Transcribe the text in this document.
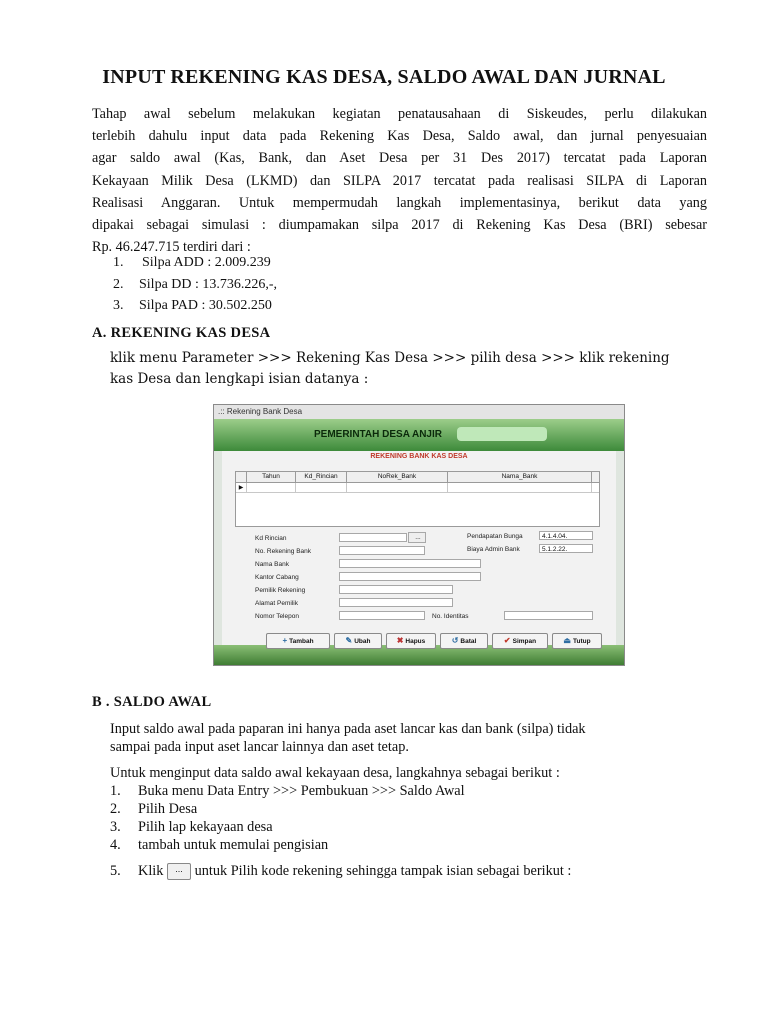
INPUT REKENING KAS DESA, SALDO AWAL DAN JURNAL
Tahap awal sebelum melakukan kegiatan penatausahaan di Siskeudes, perlu dilakukan
terlebih dahulu input data pada Rekening Kas Desa, Saldo awal, dan jurnal penyesuaian
agar saldo awal (Kas, Bank, dan Aset Desa per 31 Des 2017) tercatat pada Laporan
Kekayaan Milik Desa (LKMD) dan SILPA 2017 tercatat pada realisasi SILPA di Laporan
Realisasi Anggaran. Untuk mempermudah langkah implementasinya, berikut data yang
dipakai sebagai simulasi : diumpamakan silpa 2017 di Rekening Kas Desa (BRI) sebesar
Rp. 46.247.715 terdiri dari :
1. Silpa ADD : 2.009.239
2. Silpa DD : 13.736.226,-,
3. Silpa PAD : 30.502.250
A. REKENING KAS DESA
klik menu Parameter >>> Rekening Kas Desa >>> pilih desa >>> klik rekening
kas Desa dan lengkapi isian datanya :
.:: Rekening Bank Desa
PEMERINTAH DESA ANJIR
REKENING BANK KAS DESA
Tahun	Kd_Rincian	NoRek_Bank	Nama_Bank
▶
Kd Rincian	...
No. Rekening Bank
Nama Bank
Kantor Cabang
Pemilik Rekening
Alamat Pemilik
Nomor Telepon
Pendapatan Bunga	4.1.4.04.
Biaya Admin Bank	5.1.2.22.
No. Identitas
+ Tambah	✎ Ubah	✖ Hapus	↺ Batal	✔ Simpan	⏏ Tutup
B . SALDO AWAL
Input saldo awal pada paparan ini hanya pada aset lancar kas dan bank (silpa) tidak
sampai pada input aset lancar lainnya dan aset tetap.
Untuk menginput data saldo awal kekayaan desa, langkahnya sebagai berikut :
1. Buka menu Data Entry >>> Pembukuan >>> Saldo Awal
2. Pilih Desa
3. Pilih lap kekayaan desa
4. tambah untuk memulai pengisian
5. Klik ... untuk Pilih kode rekening sehingga tampak isian sebagai berikut :
